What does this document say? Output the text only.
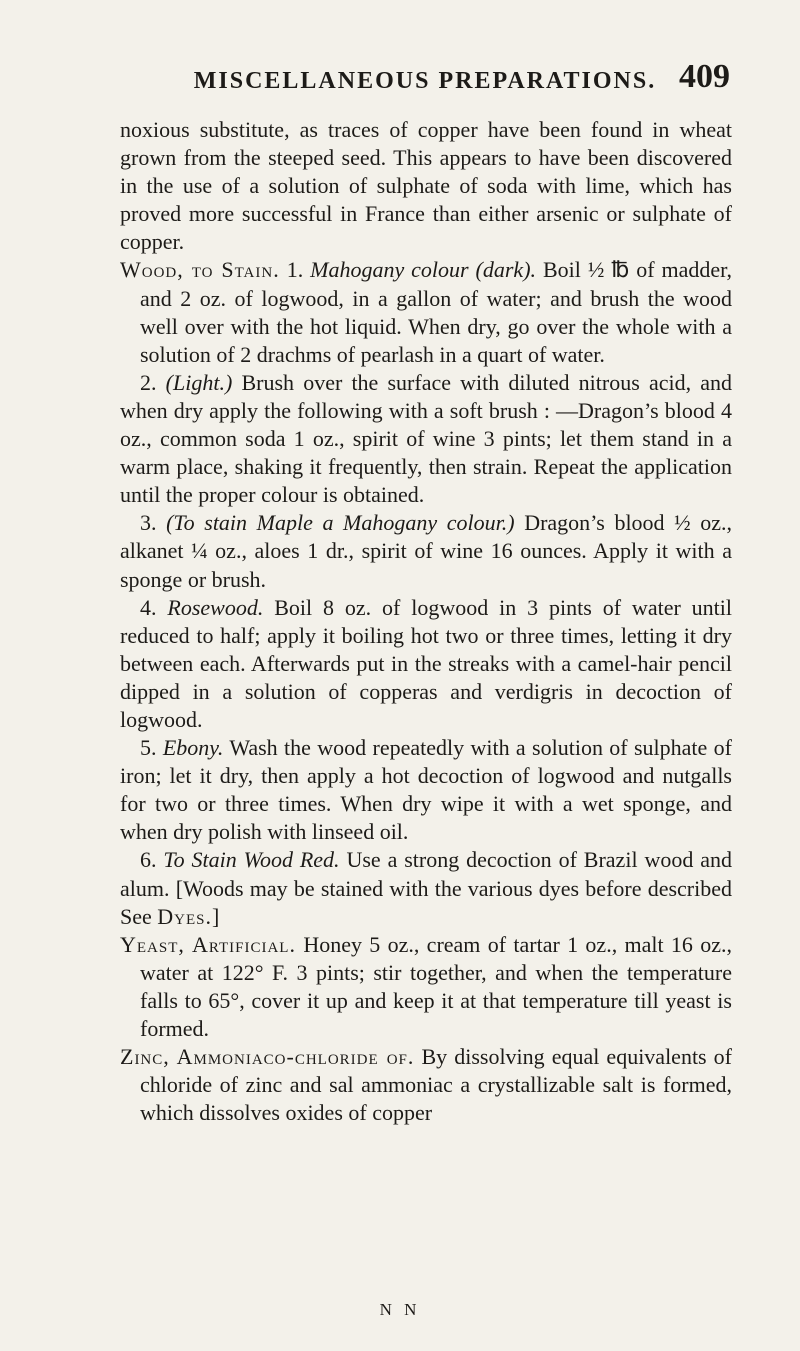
MISCELLANEOUS PREPARATIONS. 409

noxious substitute, as traces of copper have been found in wheat grown from the steeped seed. This appears to have been discovered in the use of a solution of sulphate of soda with lime, which has proved more successful in France than either arsenic or sulphate of copper.

Wood, to Stain. 1. Mahogany colour (dark). Boil ½ ℔ of madder, and 2 oz. of logwood, in a gallon of water; and brush the wood well over with the hot liquid. When dry, go over the whole with a solution of 2 drachms of pearlash in a quart of water.

2. (Light.) Brush over the surface with diluted nitrous acid, and when dry apply the following with a soft brush : —Dragon’s blood 4 oz., common soda 1 oz., spirit of wine 3 pints; let them stand in a warm place, shaking it frequently, then strain. Repeat the application until the proper colour is obtained.

3. (To stain Maple a Mahogany colour.) Dragon’s blood ½ oz., alkanet ¼ oz., aloes 1 dr., spirit of wine 16 ounces. Apply it with a sponge or brush.

4. Rosewood. Boil 8 oz. of logwood in 3 pints of water until reduced to half; apply it boiling hot two or three times, letting it dry between each. Afterwards put in the streaks with a camel-hair pencil dipped in a solution of copperas and verdigris in decoction of logwood.

5. Ebony. Wash the wood repeatedly with a solution of sulphate of iron; let it dry, then apply a hot decoction of logwood and nutgalls for two or three times. When dry wipe it with a wet sponge, and when dry polish with linseed oil.

6. To Stain Wood Red. Use a strong decoction of Brazil wood and alum. [Woods may be stained with the various dyes before described See Dyes.]

Yeast, Artificial. Honey 5 oz., cream of tartar 1 oz., malt 16 oz., water at 122° F. 3 pints; stir together, and when the temperature falls to 65°, cover it up and keep it at that temperature till yeast is formed.

Zinc, Ammoniaco-chloride of. By dissolving equal equivalents of chloride of zinc and sal ammoniac a crystallizable salt is formed, which dissolves oxides of copper

N N
